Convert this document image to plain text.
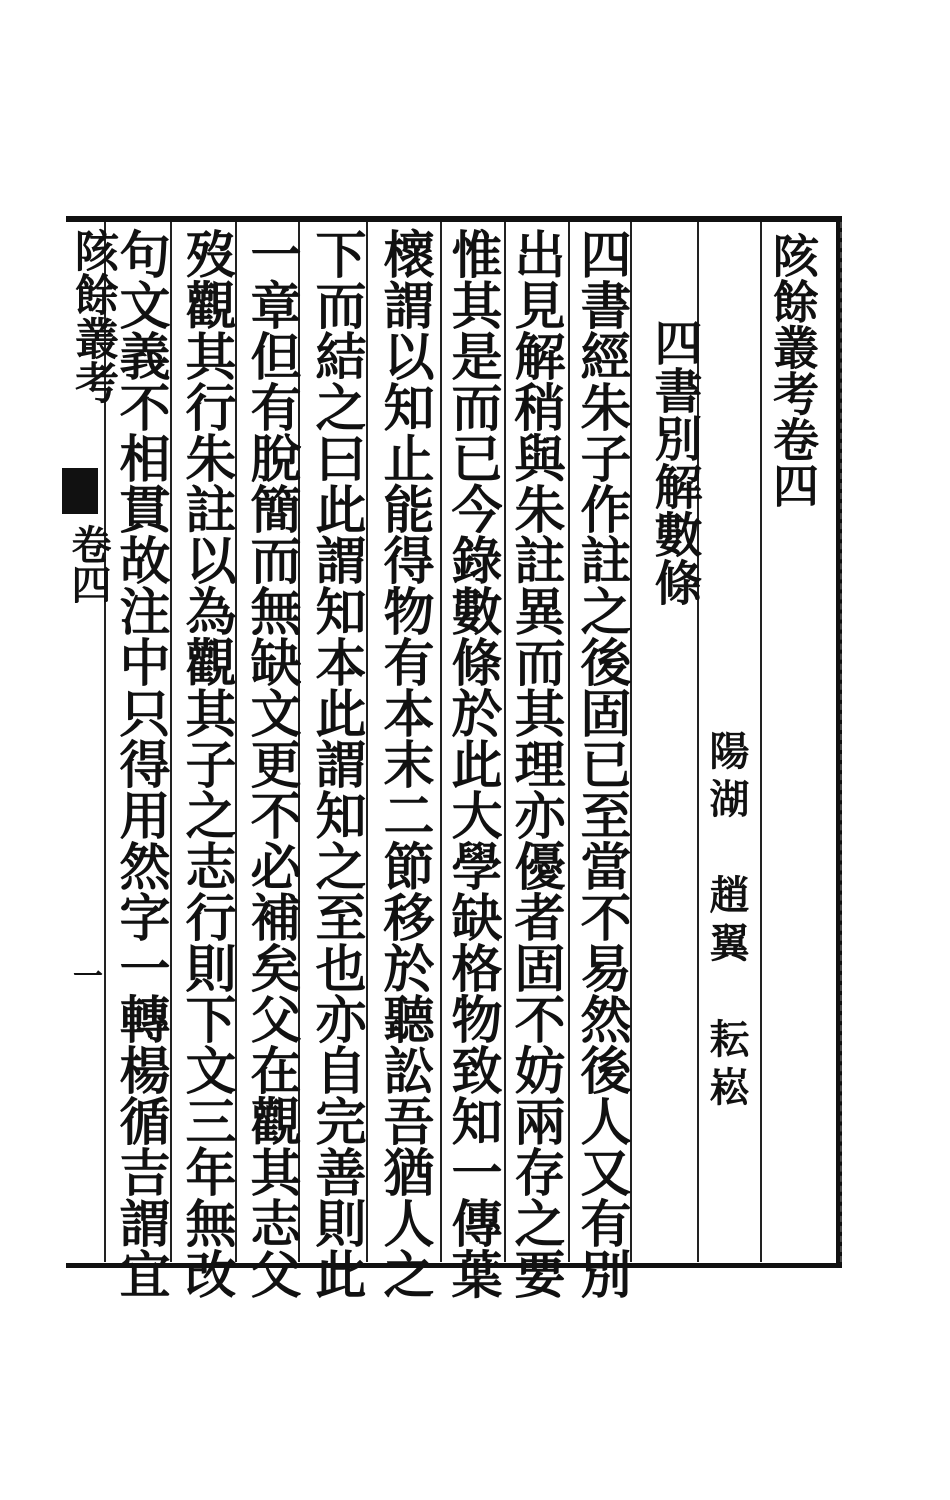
陔餘叢考卷四
陽湖　趙翼　耘崧
四書別解數條
四書經朱子作註之後固已至當不易然後人又有別
出見解稍與朱註異而其理亦優者固不妨兩存之要
惟其是而已今錄數條於此大學缺格物致知一傳葉
櫰謂以知止能得物有本末二節移於聽訟吾猶人之
下而結之曰此謂知本此謂知之至也亦自完善則此
一章但有脫簡而無缺文更不必補矣父在觀其志父
歿觀其行朱註以為觀其子之志行則下文三年無改
句文義不相貫故注中只得用然字一轉楊循吉謂宜
陔餘叢考
卷四
一
